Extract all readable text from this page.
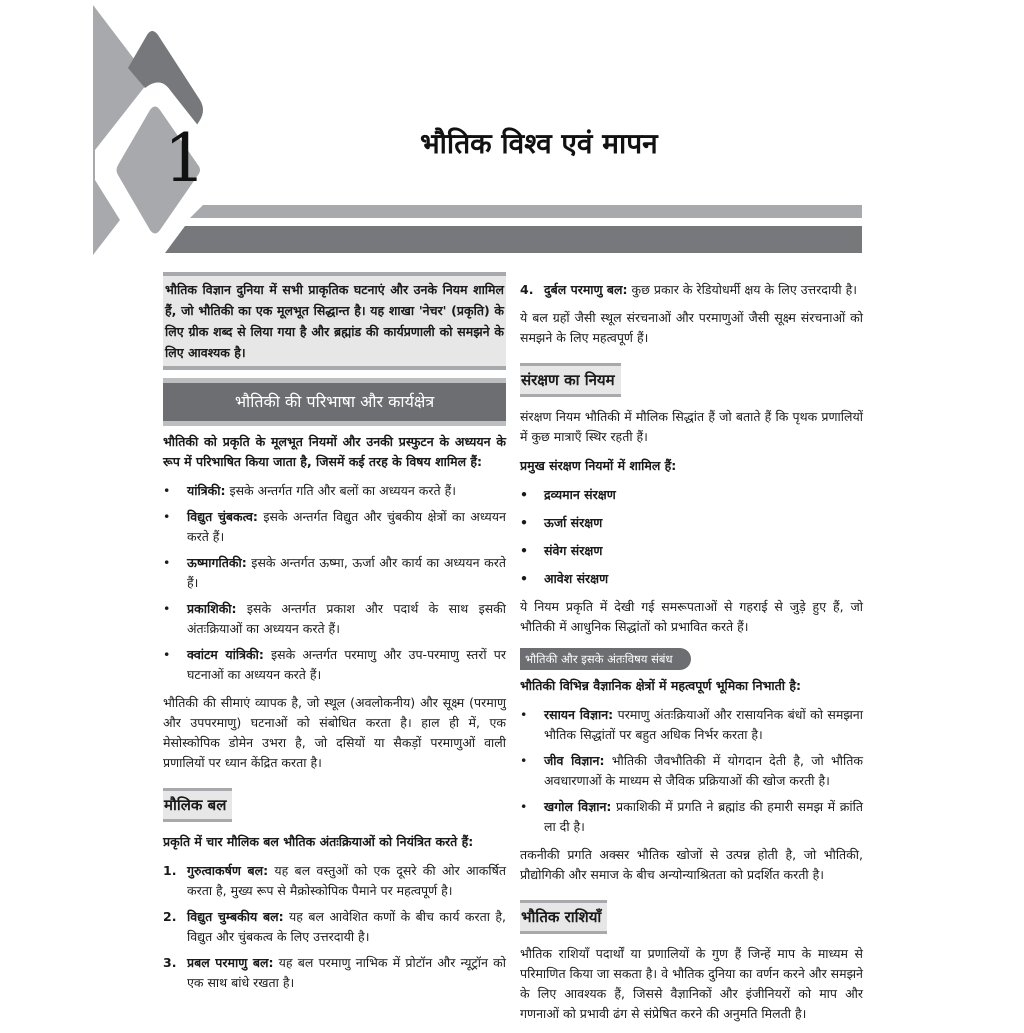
1	भौतिक विश्व एवं मापन
भौतिक विज्ञान दुनिया में सभी प्राकृतिक घटनाएं और उनके नियम शामिल हैं, जो भौतिकी का एक मूलभूत सिद्धान्त है। यह शाखा 'नेचर' (प्रकृति) के लिए ग्रीक शब्द से लिया गया है और ब्रह्मांड की कार्यप्रणाली को समझने के लिए आवश्यक है।
भौतिकी की परिभाषा और कार्यक्षेत्र

भौतिकी को प्रकृति के मूलभूत नियमों और उनकी प्रस्फुटन के अध्ययन के रूप में परिभाषित किया जाता है, जिसमें कई तरह के विषय शामिल हैं:

• यांत्रिकी: इसके अन्तर्गत गति और बलों का अध्ययन करते हैं।
• विद्युत चुंबकत्व: इसके अन्तर्गत विद्युत और चुंबकीय क्षेत्रों का अध्ययन करते हैं।
• ऊष्मागतिकी: इसके अन्तर्गत ऊष्मा, ऊर्जा और कार्य का अध्ययन करते हैं।
• प्रकाशिकी: इसके अन्तर्गत प्रकाश और पदार्थ के साथ इसकी अंतःक्रियाओं का अध्ययन करते हैं।
• क्वांटम यांत्रिकी: इसके अन्तर्गत परमाणु और उप-परमाणु स्तरों पर घटनाओं का अध्ययन करते हैं।

भौतिकी की सीमाएं व्यापक है, जो स्थूल (अवलोकनीय) और सूक्ष्म (परमाणु और उपपरमाणु) घटनाओं को संबोधित करता है। हाल ही में, एक मेसोस्कोपिक डोमेन उभरा है, जो दसियों या सैकड़ों परमाणुओं वाली प्रणालियों पर ध्यान केंद्रित करता है।

मौलिक बल

प्रकृति में चार मौलिक बल भौतिक अंतःक्रियाओं को नियंत्रित करते हैं:

1. गुरुत्वाकर्षण बल: यह बल वस्तुओं को एक दूसरे की ओर आकर्षित करता है, मुख्य रूप से मैक्रोस्कोपिक पैमाने पर महत्वपूर्ण है।
2. विद्युत चुम्बकीय बल: यह बल आवेशित कणों के बीच कार्य करता है, विद्युत और चुंबकत्व के लिए उत्तरदायी है।
3. प्रबल परमाणु बल: यह बल परमाणु नाभिक में प्रोटॉन और न्यूट्रॉन को एक साथ बांधे रखता है।
4. दुर्बल परमाणु बल: कुछ प्रकार के रेडियोधर्मी क्षय के लिए उत्तरदायी है।

ये बल ग्रहों जैसी स्थूल संरचनाओं और परमाणुओं जैसी सूक्ष्म संरचनाओं को समझने के लिए महत्वपूर्ण हैं।

संरक्षण का नियम

संरक्षण नियम भौतिकी में मौलिक सिद्धांत हैं जो बताते हैं कि पृथक प्रणालियों में कुछ मात्राएँ स्थिर रहती हैं।

प्रमुख संरक्षण नियमों में शामिल हैं:

• द्रव्यमान संरक्षण
• ऊर्जा संरक्षण
• संवेग संरक्षण
• आवेश संरक्षण

ये नियम प्रकृति में देखी गई समरूपताओं से गहराई से जुड़े हुए हैं, जो भौतिकी में आधुनिक सिद्धांतों को प्रभावित करते हैं।

भौतिकी और इसके अंतःविषय संबंध

भौतिकी विभिन्न वैज्ञानिक क्षेत्रों में महत्वपूर्ण भूमिका निभाती है:

• रसायन विज्ञान: परमाणु अंतःक्रियाओं और रासायनिक बंधों को समझना भौतिक सिद्धांतों पर बहुत अधिक निर्भर करता है।
• जीव विज्ञान: भौतिकी जैवभौतिकी में योगदान देती है, जो भौतिक अवधारणाओं के माध्यम से जैविक प्रक्रियाओं की खोज करती है।
• खगोल विज्ञान: प्रकाशिकी में प्रगति ने ब्रह्मांड की हमारी समझ में क्रांति ला दी है।

तकनीकी प्रगति अक्सर भौतिक खोजों से उत्पन्न होती है, जो भौतिकी, प्रौद्योगिकी और समाज के बीच अन्योन्याश्रितता को प्रदर्शित करती है।

भौतिक राशियाँ

भौतिक राशियाँ पदार्थों या प्रणालियों के गुण हैं जिन्हें माप के माध्यम से परिमाणित किया जा सकता है। वे भौतिक दुनिया का वर्णन करने और समझने के लिए आवश्यक हैं, जिससे वैज्ञानिकों और इंजीनियरों को माप और गणनाओं को प्रभावी ढंग से संप्रेषित करने की अनुमति मिलती है।
